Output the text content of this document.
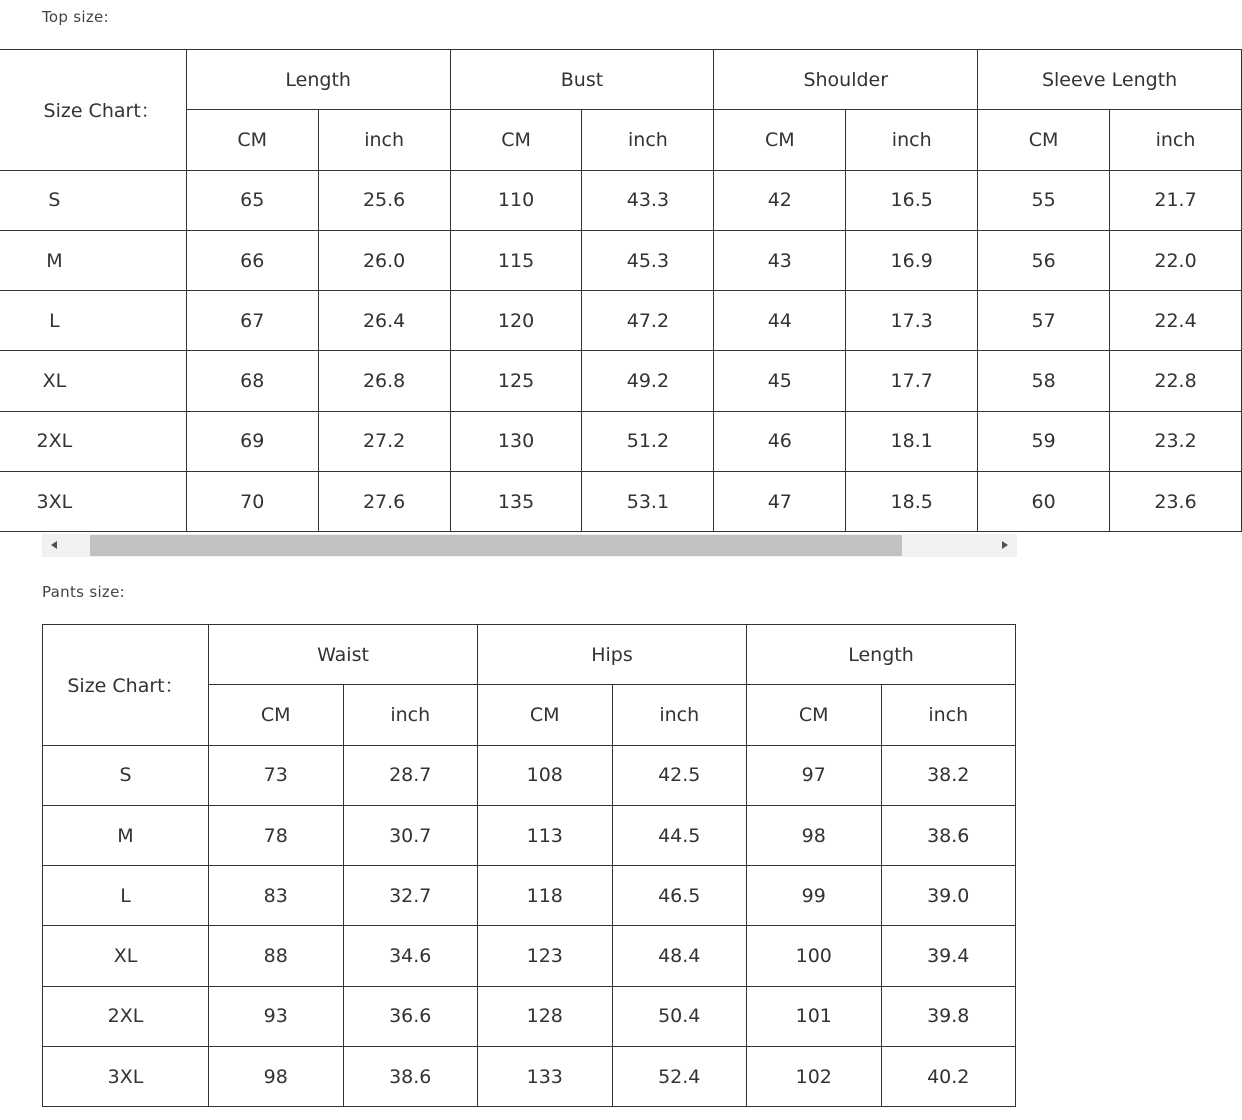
Top size:
Size Chart：	Length		Bust		Shoulder		Sleeve Length	
	CM	inch	CM	inch	CM	inch	CM	inch
S	65	25.6	110	43.3	42	16.5	55	21.7
M	66	26.0	115	45.3	43	16.9	56	22.0
L	67	26.4	120	47.2	44	17.3	57	22.4
XL	68	26.8	125	49.2	45	17.7	58	22.8
2XL	69	27.2	130	51.2	46	18.1	59	23.2
3XL	70	27.6	135	53.1	47	18.5	60	23.6
Pants size:
Size Chart：	Waist		Hips		Length	
	CM	inch	CM	inch	CM	inch
S	73	28.7	108	42.5	97	38.2
M	78	30.7	113	44.5	98	38.6
L	83	32.7	118	46.5	99	39.0
XL	88	34.6	123	48.4	100	39.4
2XL	93	36.6	128	50.4	101	39.8
3XL	98	38.6	133	52.4	102	40.2
